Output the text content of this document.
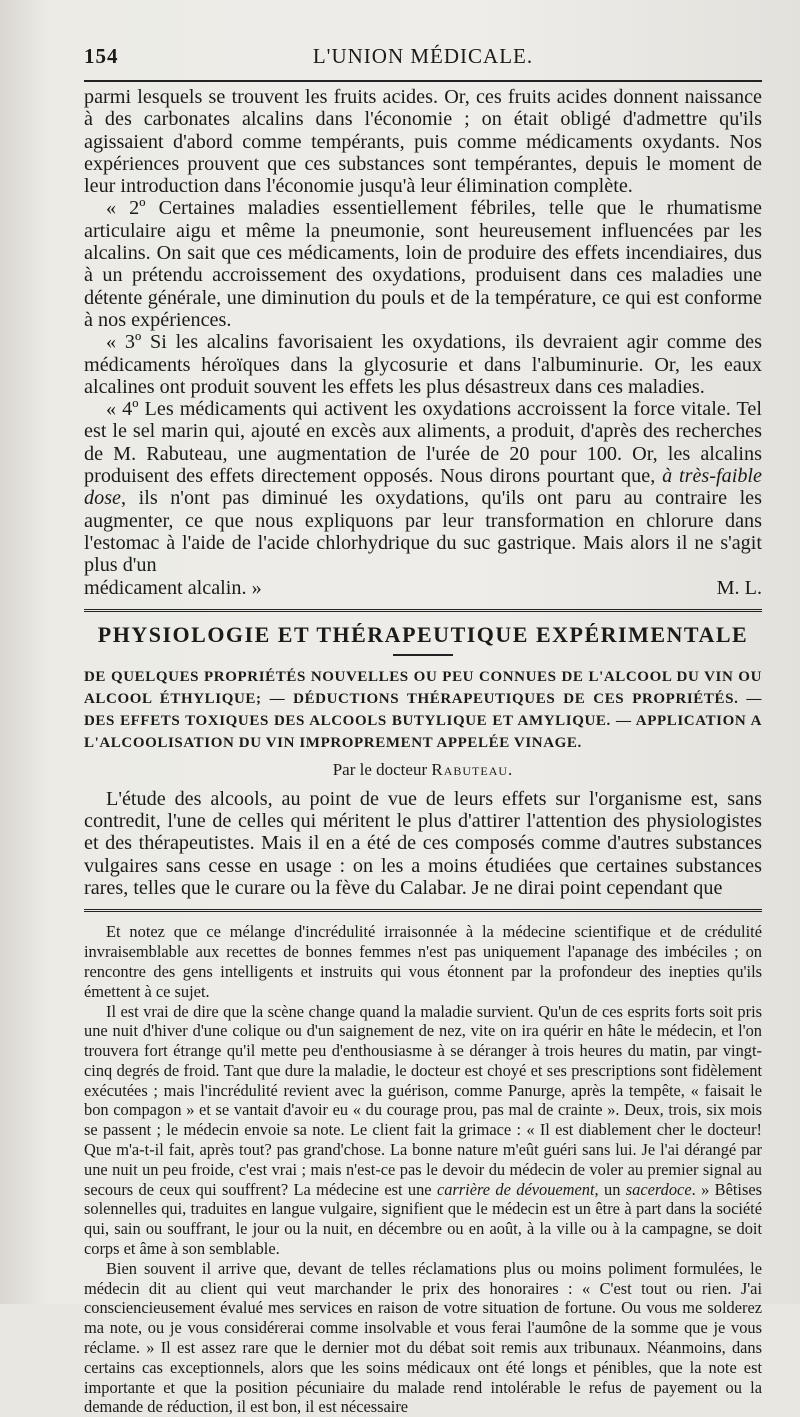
154	L'UNION MÉDICALE.

parmi lesquels se trouvent les fruits acides. Or, ces fruits acides donnent naissance à des carbonates alcalins dans l'économie ; on était obligé d'admettre qu'ils agissaient d'abord comme tempérants, puis comme médicaments oxydants. Nos expériences prouvent que ces substances sont tempérantes, depuis le moment de leur introduction dans l'économie jusqu'à leur élimination complète.

« 2º Certaines maladies essentiellement fébriles, telle que le rhumatisme articulaire aigu et même la pneumonie, sont heureusement influencées par les alcalins. On sait que ces médicaments, loin de produire des effets incendiaires, dus à un prétendu accroissement des oxydations, produisent dans ces maladies une détente générale, une diminution du pouls et de la température, ce qui est conforme à nos expériences.

« 3º Si les alcalins favorisaient les oxydations, ils devraient agir comme des médicaments héroïques dans la glycosurie et dans l'albuminurie. Or, les eaux alcalines ont produit souvent les effets les plus désastreux dans ces maladies.

« 4º Les médicaments qui activent les oxydations accroissent la force vitale. Tel est le sel marin qui, ajouté en excès aux aliments, a produit, d'après des recherches de M. Rabuteau, une augmentation de l'urée de 20 pour 100. Or, les alcalins produisent des effets directement opposés. Nous dirons pourtant que, à très-faible dose, ils n'ont pas diminué les oxydations, qu'ils ont paru au contraire les augmenter, ce que nous expliquons par leur transformation en chlorure dans l'estomac à l'aide de l'acide chlorhydrique du suc gastrique. Mais alors il ne s'agit plus d'un

médicament alcalin. »	M. L.

PHYSIOLOGIE ET THÉRAPEUTIQUE EXPÉRIMENTALE
DE QUELQUES PROPRIÉTÉS NOUVELLES OU PEU CONNUES DE L'ALCOOL DU VIN OU ALCOOL ÉTHYLIQUE; — DÉDUCTIONS THÉRAPEUTIQUES DE CES PROPRIÉTÉS. — DES EFFETS TOXIQUES DES ALCOOLS BUTYLIQUE ET AMYLIQUE. — APPLICATION A L'ALCOOLISATION DU VIN IMPROPREMENT APPELÉE VINAGE.
Par le docteur Rabuteau.

L'étude des alcools, au point de vue de leurs effets sur l'organisme est, sans contredit, l'une de celles qui méritent le plus d'attirer l'attention des physiologistes et des thérapeutistes. Mais il en a été de ces composés comme d'autres substances vulgaires sans cesse en usage : on les a moins étudiées que certaines substances rares, telles que le curare ou la fève du Calabar. Je ne dirai point cependant que

Et notez que ce mélange d'incrédulité irraisonnée à la médecine scientifique et de crédulité invraisemblable aux recettes de bonnes femmes n'est pas uniquement l'apanage des imbéciles ; on rencontre des gens intelligents et instruits qui vous étonnent par la profondeur des inepties qu'ils émettent à ce sujet.

Il est vrai de dire que la scène change quand la maladie survient. Qu'un de ces esprits forts soit pris une nuit d'hiver d'une colique ou d'un saignement de nez, vite on ira quérir en hâte le médecin, et l'on trouvera fort étrange qu'il mette peu d'enthousiasme à se déranger à trois heures du matin, par vingt-cinq degrés de froid. Tant que dure la maladie, le docteur est choyé et ses prescriptions sont fidèlement exécutées ; mais l'incrédulité revient avec la guérison, comme Panurge, après la tempête, « faisait le bon compagon » et se vantait d'avoir eu « du courage prou, pas mal de crainte ». Deux, trois, six mois se passent ; le médecin envoie sa note. Le client fait la grimace : « Il est diablement cher le docteur! Que m'a-t-il fait, après tout? pas grand'chose. La bonne nature m'eût guéri sans lui. Je l'ai dérangé par une nuit un peu froide, c'est vrai ; mais n'est-ce pas le devoir du médecin de voler au premier signal au secours de ceux qui souffrent? La médecine est une carrière de dévouement, un sacerdoce. » Bêtises solennelles qui, traduites en langue vulgaire, signifient que le médecin est un être à part dans la société qui, sain ou souffrant, le jour ou la nuit, en décembre ou en août, à la ville ou à la campagne, se doit corps et âme à son semblable.

Bien souvent il arrive que, devant de telles réclamations plus ou moins poliment formulées, le médecin dit au client qui veut marchander le prix des honoraires : « C'est tout ou rien. J'ai consciencieusement évalué mes services en raison de votre situation de fortune. Ou vous me solderez ma note, ou je vous considérerai comme insolvable et vous ferai l'aumône de la somme que je vous réclame. » Il est assez rare que le dernier mot du débat soit remis aux tribunaux. Néanmoins, dans certains cas exceptionnels, alors que les soins médicaux ont été longs et pénibles, que la note est importante et que la position pécuniaire du malade rend intolérable le refus de payement ou la demande de réduction, il est bon, il est nécessaire
